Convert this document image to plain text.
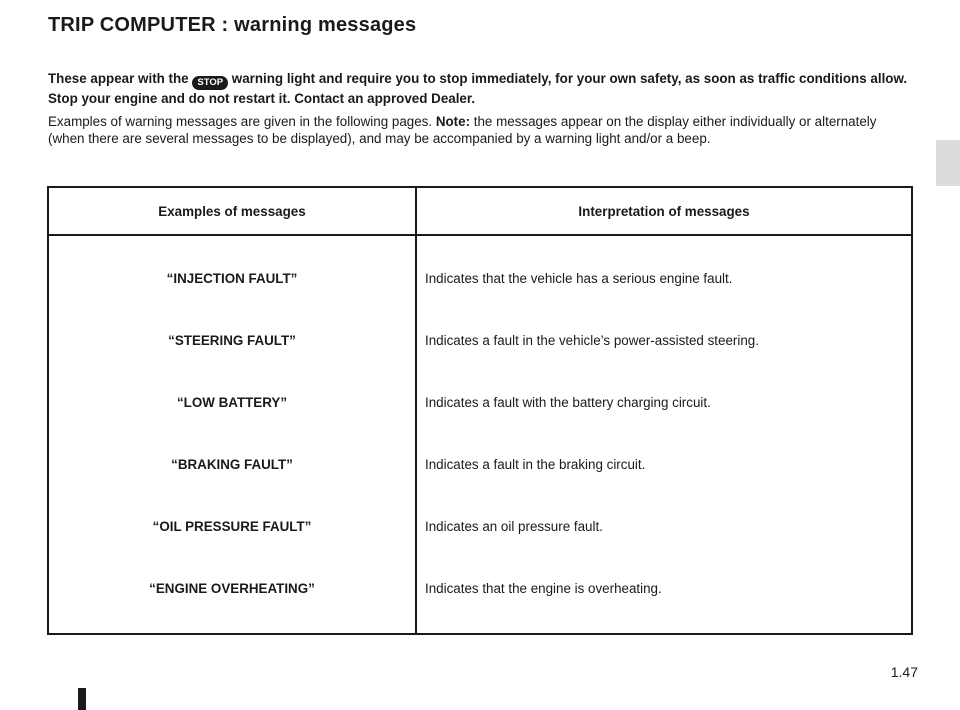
TRIP COMPUTER : warning messages

These appear with the STOP warning light and require you to stop immediately, for your own safety, as soon as traffic conditions allow. Stop your engine and do not restart it. Contact an approved Dealer.

Examples of warning messages are given in the following pages. Note: the messages appear on the display either individually or alternately (when there are several messages to be displayed), and may be accompanied by a warning light and/or a beep.

Examples of messages	Interpretation of messages
“INJECTION FAULT”
“STEERING FAULT”
“LOW BATTERY”
“BRAKING FAULT”
“OIL PRESSURE FAULT”
“ENGINE OVERHEATING”
Indicates that the vehicle has a serious engine fault.
Indicates a fault in the vehicle’s power-assisted steering.
Indicates a fault with the battery charging circuit.
Indicates a fault in the braking circuit.
Indicates an oil pressure fault.
Indicates that the engine is overheating.
1.47
